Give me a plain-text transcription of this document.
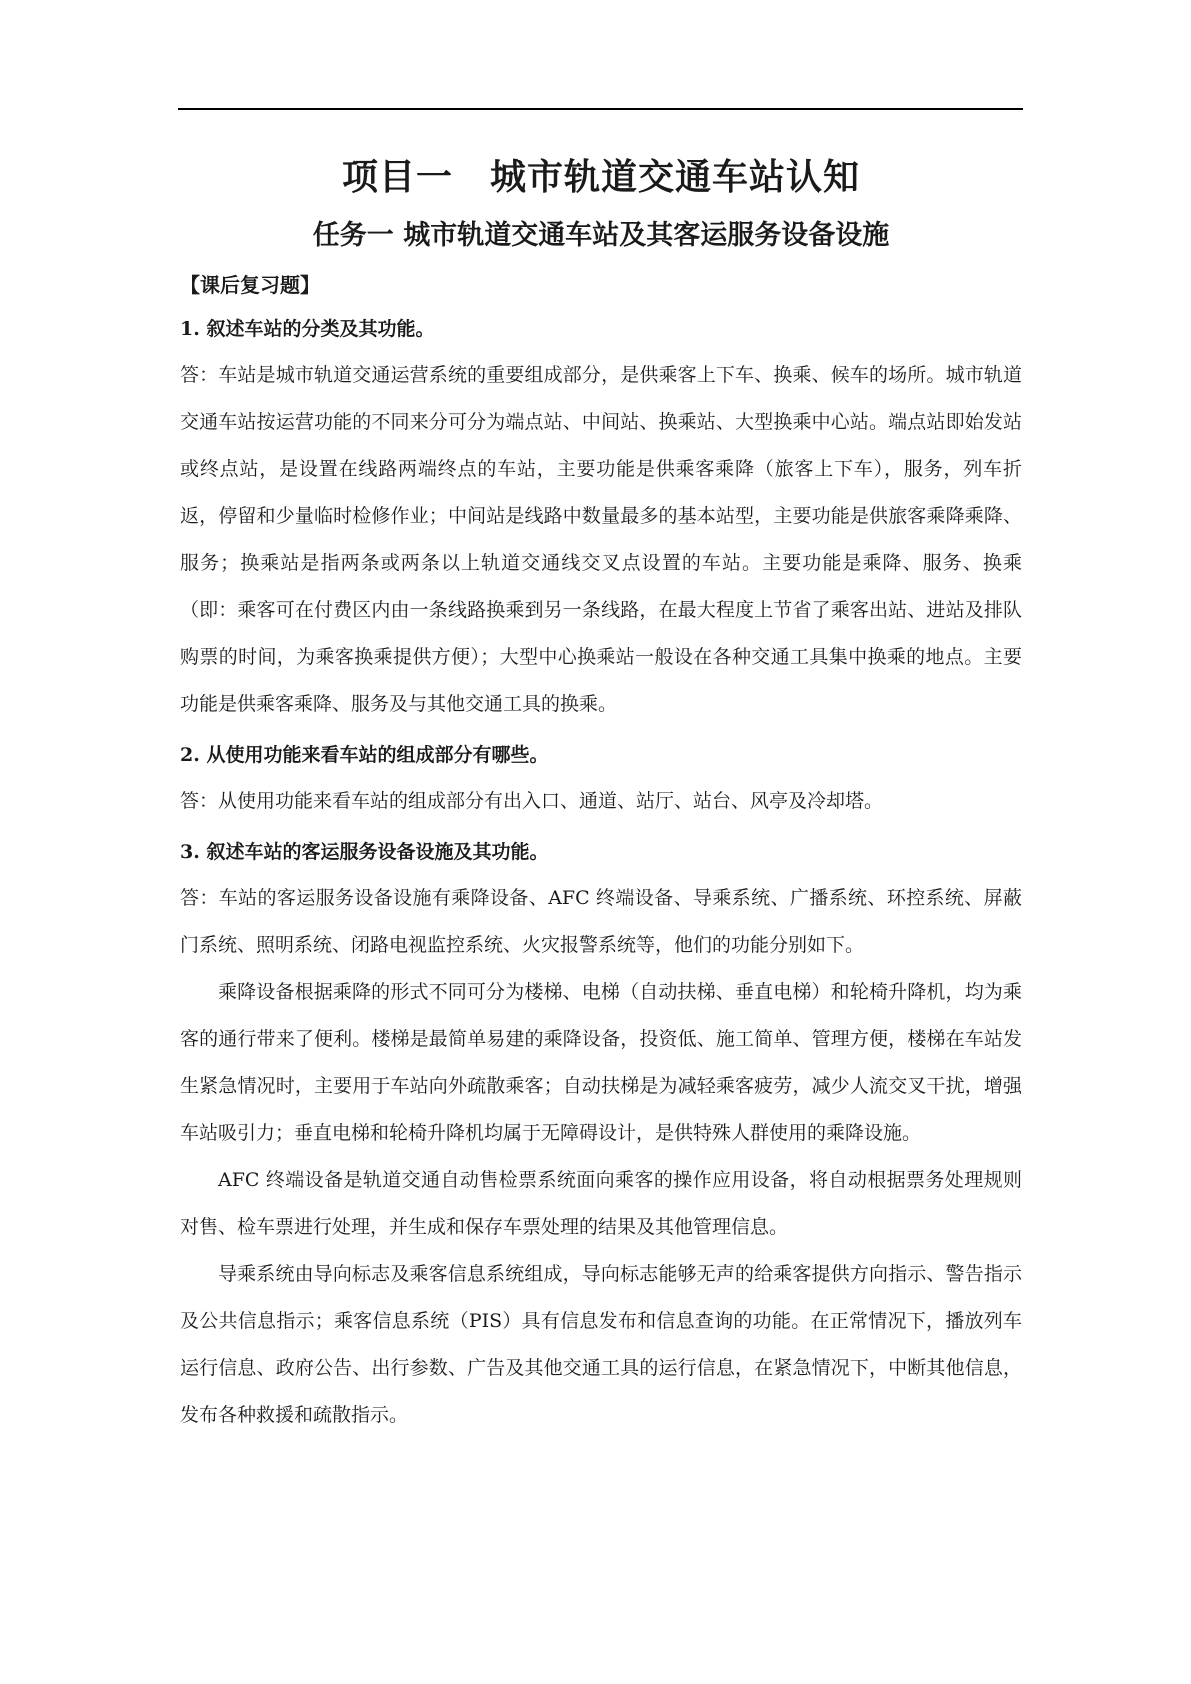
项目一　城市轨道交通车站认知
任务一 城市轨道交通车站及其客运服务设备设施
【课后复习题】
1. 叙述车站的分类及其功能。

答：车站是城市轨道交通运营系统的重要组成部分，是供乘客上下车、换乘、候车的场所。城市轨道交通车站按运营功能的不同来分可分为端点站、中间站、换乘站、大型换乘中心站。端点站即始发站或终点站，是设置在线路两端终点的车站，主要功能是供乘客乘降（旅客上下车），服务，列车折返，停留和少量临时检修作业；中间站是线路中数量最多的基本站型，主要功能是供旅客乘降乘降、服务；换乘站是指两条或两条以上轨道交通线交叉点设置的车站。主要功能是乘降、服务、换乘（即：乘客可在付费区内由一条线路换乘到另一条线路，在最大程度上节省了乘客出站、进站及排队购票的时间，为乘客换乘提供方便）；大型中心换乘站一般设在各种交通工具集中换乘的地点。主要功能是供乘客乘降、服务及与其他交通工具的换乘。

2. 从使用功能来看车站的组成部分有哪些。

答：从使用功能来看车站的组成部分有出入口、通道、站厅、站台、风亭及冷却塔。

3. 叙述车站的客运服务设备设施及其功能。

答：车站的客运服务设备设施有乘降设备、AFC 终端设备、导乘系统、广播系统、环控系统、屏蔽门系统、照明系统、闭路电视监控系统、火灾报警系统等，他们的功能分别如下。

乘降设备根据乘降的形式不同可分为楼梯、电梯（自动扶梯、垂直电梯）和轮椅升降机，均为乘客的通行带来了便利。楼梯是最简单易建的乘降设备，投资低、施工简单、管理方便，楼梯在车站发生紧急情况时，主要用于车站向外疏散乘客；自动扶梯是为减轻乘客疲劳，减少人流交叉干扰，增强车站吸引力；垂直电梯和轮椅升降机均属于无障碍设计，是供特殊人群使用的乘降设施。

AFC 终端设备是轨道交通自动售检票系统面向乘客的操作应用设备，将自动根据票务处理规则对售、检车票进行处理，并生成和保存车票处理的结果及其他管理信息。

导乘系统由导向标志及乘客信息系统组成，导向标志能够无声的给乘客提供方向指示、警告指示及公共信息指示；乘客信息系统（PIS）具有信息发布和信息查询的功能。在正常情况下，播放列车运行信息、政府公告、出行参数、广告及其他交通工具的运行信息，在紧急情况下，中断其他信息，发布各种救援和疏散指示。
